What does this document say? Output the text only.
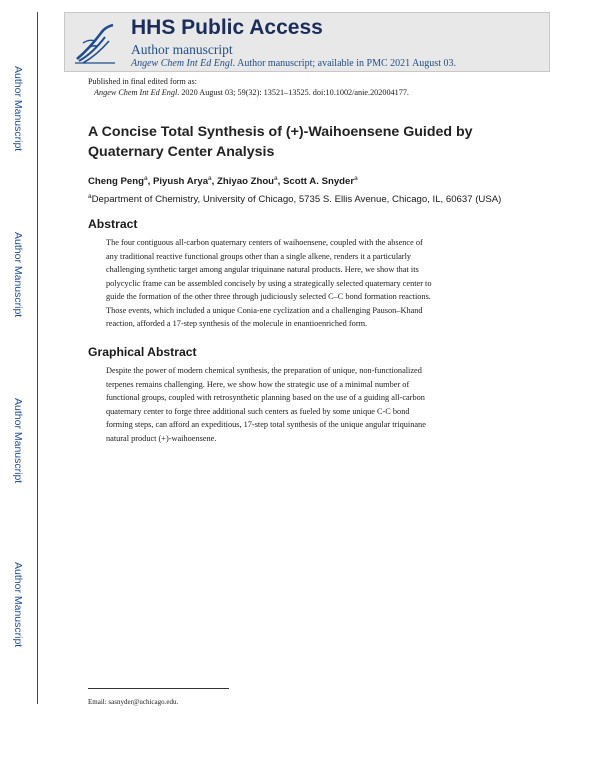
Author Manuscript
Author Manuscript
Author Manuscript
Author Manuscript
HHS Public Access
Author manuscript
Angew Chem Int Ed Engl. Author manuscript; available in PMC 2021 August 03.
Published in final edited form as:
Angew Chem Int Ed Engl. 2020 August 03; 59(32): 13521–13525. doi:10.1002/anie.202004177.
A Concise Total Synthesis of (+)-Waihoensene Guided by Quaternary Center Analysis
Cheng Peng$^a$, Piyush Arya$^a$, Zhiyao Zhou$^a$, Scott A. Snyder$^a$
$^a$Department of Chemistry, University of Chicago, 5735 S. Ellis Avenue, Chicago, IL, 60637 (USA)
Abstract
The four contiguous all-carbon quaternary centers of waihoensene, coupled with the absence of
any traditional reactive functional groups other than a single alkene, renders it a particularly
challenging synthetic target among angular triquinane natural products. Here, we show that its
polycyclic frame can be assembled concisely by using a strategically selected quaternary center to
guide the formation of the other three through judiciously selected C–C bond formation reactions.
Those events, which included a unique Conia-ene cyclization and a challenging Pauson–Khand
reaction, afforded a 17-step synthesis of the molecule in enantioenriched form.
Graphical Abstract
Despite the power of modern chemical synthesis, the preparation of unique, non-functionalized
terpenes remains challenging. Here, we show how the strategic use of a minimal number of
functional groups, coupled with retrosynthetic planning based on the use of a guiding all-carbon
quaternary center to forge three additional such centers as fueled by some unique C-C bond
forming steps, can afford an expeditious, 17-step total synthesis of the unique angular triquinane
natural product (+)-waihoensene.
Email: sasnyder@uchicago.edu.
